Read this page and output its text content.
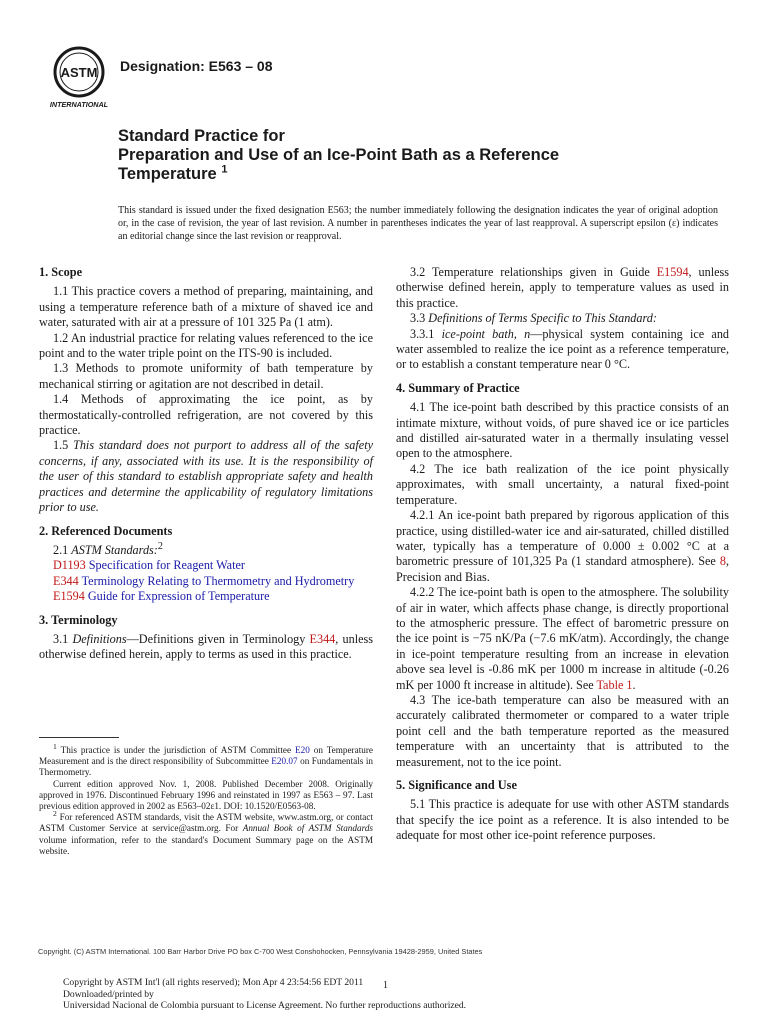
ASTM
INTERNATIONAL
Designation: E563 – 08
Standard Practice for
Preparation and Use of an Ice-Point Bath as a Reference
Temperature $^1$
This standard is issued under the fixed designation E563; the number immediately following the designation indicates the year of original adoption or, in the case of revision, the year of last revision. A number in parentheses indicates the year of last reapproval. A superscript epsilon (ε) indicates an editorial change since the last revision or reapproval.
1. Scope

1.1 This practice covers a method of preparing, maintaining, and using a temperature reference bath of a mixture of shaved ice and water, saturated with air at a pressure of 101 325 Pa (1 atm).

1.2 An industrial practice for relating values referenced to the ice point and to the water triple point on the ITS-90 is included.

1.3 Methods to promote uniformity of bath temperature by mechanical stirring or agitation are not described in detail.

1.4 Methods of approximating the ice point, as by thermostatically-controlled refrigeration, are not covered by this practice.

1.5 This standard does not purport to address all of the safety concerns, if any, associated with its use. It is the responsibility of the user of this standard to establish appropriate safety and health practices and determine the applicability of regulatory limitations prior to use.

2. Referenced Documents

2.1 ASTM Standards:$^2$

D1193 Specification for Reagent Water

E344 Terminology Relating to Thermometry and Hydrometry

E1594 Guide for Expression of Temperature

3. Terminology

3.1 Definitions—Definitions given in Terminology E344, unless otherwise defined herein, apply to terms as used in this practice.

$^1$ This practice is under the jurisdiction of ASTM Committee E20 on Temperature Measurement and is the direct responsibility of Subcommittee E20.07 on Fundamentals in Thermometry.

Current edition approved Nov. 1, 2008. Published December 2008. Originally approved in 1976. Discontinued February 1996 and reinstated in 1997 as E563 – 97. Last previous edition approved in 2002 as E563–02ε1. DOI: 10.1520/E0563-08.

$^2$ For referenced ASTM standards, visit the ASTM website, www.astm.org, or contact ASTM Customer Service at service@astm.org. For Annual Book of ASTM Standards volume information, refer to the standard's Document Summary page on the ASTM website.

3.2 Temperature relationships given in Guide E1594, unless otherwise defined herein, apply to temperature values as used in this practice.

3.3 Definitions of Terms Specific to This Standard:

3.3.1 ice-point bath, n—physical system containing ice and water assembled to realize the ice point as a reference temperature, or to establish a constant temperature near 0 °C.

4. Summary of Practice

4.1 The ice-point bath described by this practice consists of an intimate mixture, without voids, of pure shaved ice or ice particles and distilled air-saturated water in a thermally insulating vessel open to the atmosphere.

4.2 The ice bath realization of the ice point physically approximates, with small uncertainty, a natural fixed-point temperature.

4.2.1 An ice-point bath prepared by rigorous application of this practice, using distilled-water ice and air-saturated, chilled distilled water, typically has a temperature of 0.000 ± 0.002 °C at a barometric pressure of 101,325 Pa (1 standard atmosphere). See 8, Precision and Bias.

4.2.2 The ice-point bath is open to the atmosphere. The solubility of air in water, which affects phase change, is directly proportional to the atmospheric pressure. The effect of barometric pressure on the ice point is −75 nK/Pa (−7.6 mK/atm). Accordingly, the change in ice-point temperature resulting from an increase in elevation above sea level is -0.86 mK per 1000 m increase in altitude (-0.26 mK per 1000 ft increase in altitude). See Table 1.

4.3 The ice-bath temperature can also be measured with an accurately calibrated thermometer or compared to a water triple point cell and the bath temperature reported as the measured temperature with an uncertainty that is attributed to the measurement, not to the ice point.

5. Significance and Use

5.1 This practice is adequate for use with other ASTM standards that specify the ice point as a reference. It is also intended to be adequate for most other ice-point reference purposes.

Copyright. (C) ASTM International. 100 Barr Harbor Drive PO box C-700 West Conshohocken, Pennsylvania 19428-2959, United States
Copyright by ASTM Int'l (all rights reserved); Mon Apr 4 23:54:56 EDT 2011
Downloaded/printed by
Universidad Nacional de Colombia pursuant to License Agreement. No further reproductions authorized.
1
